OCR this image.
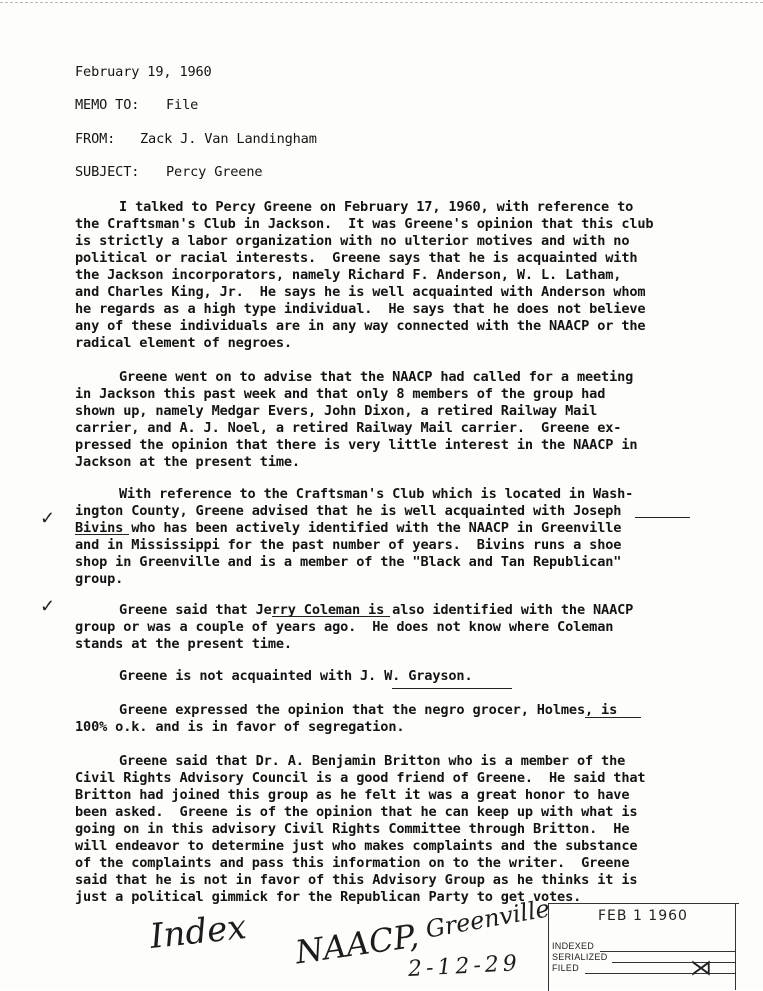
February 19, 1960
MEMO TO: File
FROM: Zack J. Van Landingham
SUBJECT: Percy Greene
I talked to Percy Greene on February 17, 1960, with reference to
the Craftsman's Club in Jackson.  It was Greene's opinion that this club
is strictly a labor organization with no ulterior motives and with no
political or racial interests.  Greene says that he is acquainted with
the Jackson incorporators, namely Richard F. Anderson, W. L. Latham,
and Charles King, Jr.  He says he is well acquainted with Anderson whom
he regards as a high type individual.  He says that he does not believe
any of these individuals are in any way connected with the NAACP or the
radical element of negroes.
Greene went on to advise that the NAACP had called for a meeting
in Jackson this past week and that only 8 members of the group had
shown up, namely Medgar Evers, John Dixon, a retired Railway Mail
carrier, and A. J. Noel, a retired Railway Mail carrier.  Greene ex-
pressed the opinion that there is very little interest in the NAACP in
Jackson at the present time.
✓
With reference to the Craftsman's Club which is located in Wash-
ington County, Greene advised that he is well acquainted with Joseph
Bivins who has been actively identified with the NAACP in Greenville
and in Mississippi for the past number of years.  Bivins runs a shoe
shop in Greenville and is a member of the "Black and Tan Republican"
group.
✓	Greene said that Jerry Coleman is also identified with the NAACP
group or was a couple of years ago.  He does not know where Coleman
stands at the present time.
Greene is not acquainted with J. W. Grayson.
Greene expressed the opinion that the negro grocer, Holmes, is
100% o.k. and is in favor of segregation.
Greene said that Dr. A. Benjamin Britton who is a member of the
Civil Rights Advisory Council is a good friend of Greene.  He said that
Britton had joined this group as he felt it was a great honor to have
been asked.  Greene is of the opinion that he can keep up with what is
going on in this advisory Civil Rights Committee through Britton.  He
will endeavor to determine just who makes complaints and the substance
of the complaints and pass this information on to the writer.  Greene
said that he is not in favor of this Advisory Group as he thinks it is
just a political gimmick for the Republican Party to get votes.
Index NAACP, Greenville
2-12-29
FEB 1 1960
INDEXED
SERIALIZED
FILED	⋊
